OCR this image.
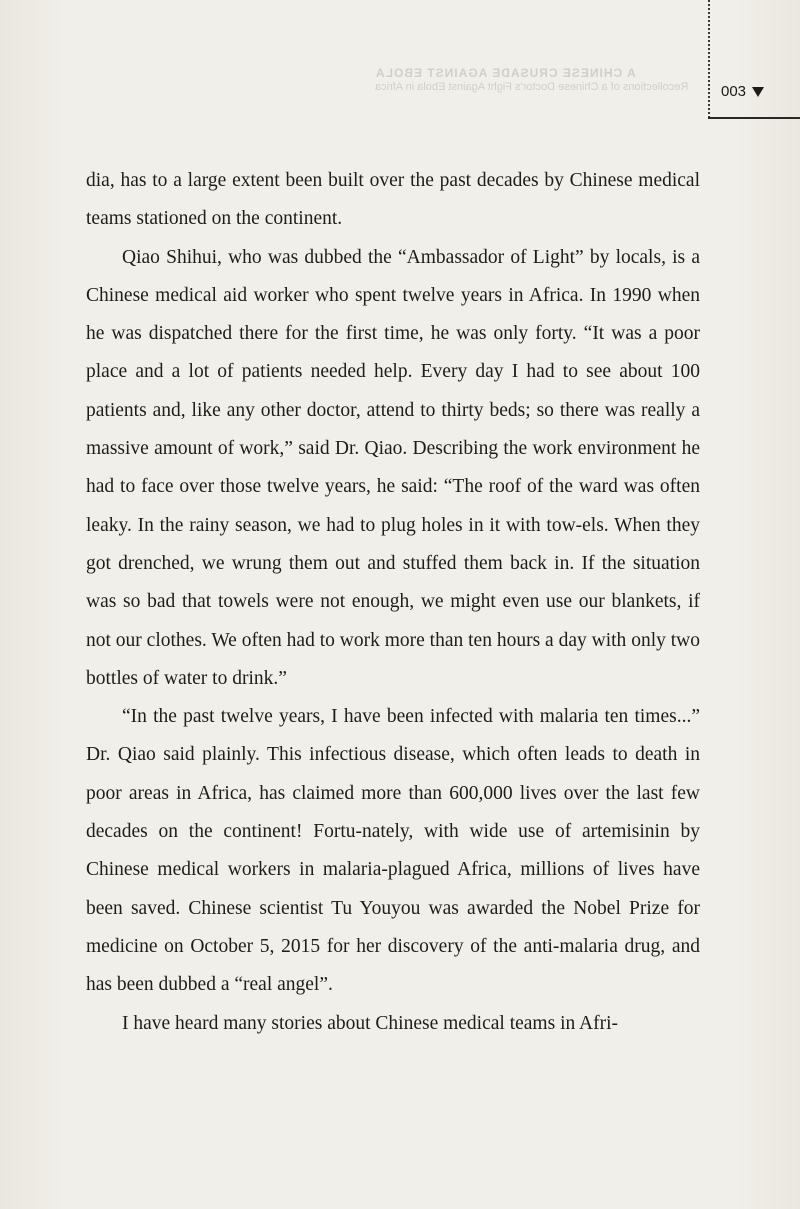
A CHINESE CRUSADE AGAINST EBOLA
Recollections of a Chinese Doctor's Fight Against Ebola in Africa 003

dia, has to a large extent been built over the past decades by Chinese medical teams stationed on the continent.

Qiao Shihui, who was dubbed the “Ambassador of Light” by locals, is a Chinese medical aid worker who spent twelve years in Africa. In 1990 when he was dispatched there for the first time, he was only forty. “It was a poor place and a lot of patients needed help. Every day I had to see about 100 patients and, like any other doctor, attend to thirty beds; so there was really a massive amount of work,” said Dr. Qiao. Describing the work environment he had to face over those twelve years, he said: “The roof of the ward was often leaky. In the rainy season, we had to plug holes in it with tow-els. When they got drenched, we wrung them out and stuffed them back in. If the situation was so bad that towels were not enough, we might even use our blankets, if not our clothes. We often had to work more than ten hours a day with only two bottles of water to drink.”

“In the past twelve years, I have been infected with malaria ten times...” Dr. Qiao said plainly. This infectious disease, which often leads to death in poor areas in Africa, has claimed more than 600,000 lives over the last few decades on the continent! Fortu-nately, with wide use of artemisinin by Chinese medical workers in malaria-plagued Africa, millions of lives have been saved. Chinese scientist Tu Youyou was awarded the Nobel Prize for medicine on October 5, 2015 for her discovery of the anti-malaria drug, and has been dubbed a “real angel”.

I have heard many stories about Chinese medical teams in Afri-
